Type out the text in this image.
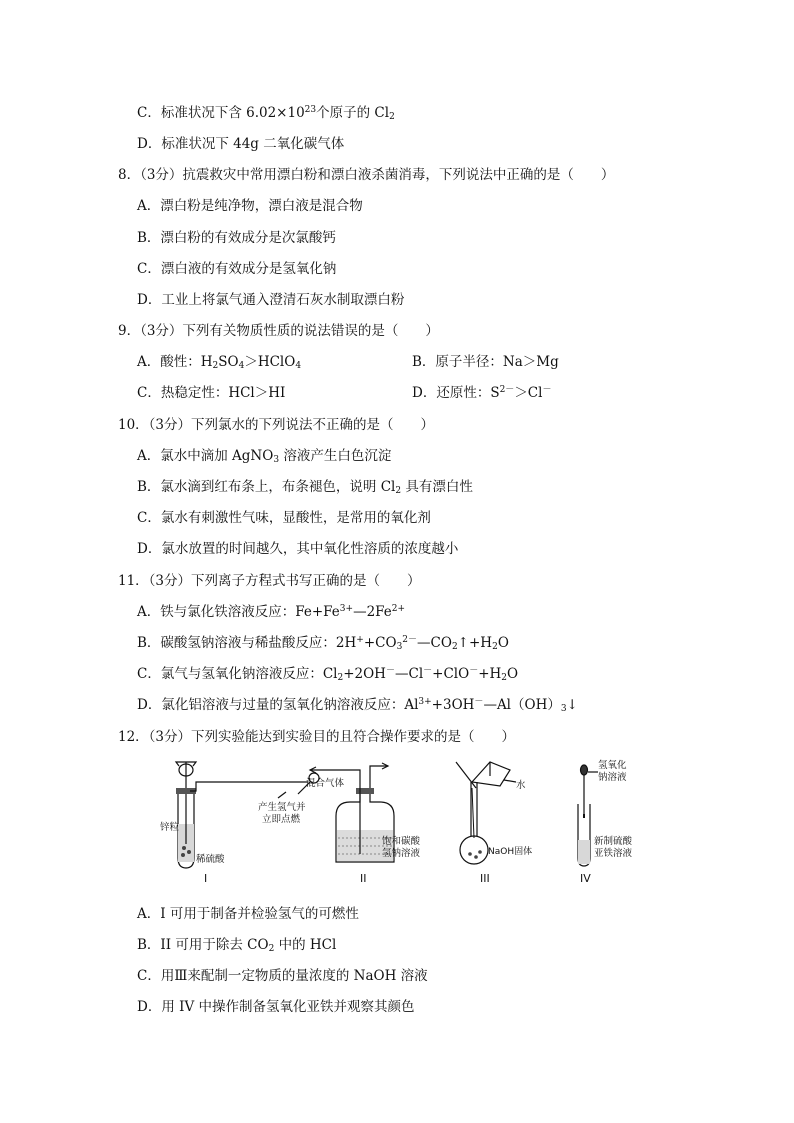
C．标准状况下含 $6.02\times 10^{23}$个原子的 $Cl_2$
D．标准状况下 44g 二氧化碳气体
8．（3分）抗震救灾中常用漂白粉和漂白液杀菌消毒，下列说法中正确的是（　　）
A．漂白粉是纯净物，漂白液是混合物
B．漂白粉的有效成分是次氯酸钙
C．漂白液的有效成分是氢氧化钠
D．工业上将氯气通入澄清石灰水制取漂白粉
9．（3分）下列有关物质性质的说法错误的是（　　）
A．酸性：$H_2SO_4>HClO_4$	B．原子半径：Na＞Mg
C．热稳定性：HCl＞HI	D．还原性：$S^{2-}>Cl^-$
10．（3分）下列氯水的下列说法不正确的是（　　）
A．氯水中滴加 AgNO$_3$ 溶液产生白色沉淀
B．氯水滴到红布条上，布条褪色，说明 $Cl_2$ 具有漂白性
C．氯水有刺激性气味，显酸性，是常用的氧化剂
D．氯水放置的时间越久，其中氧化性溶质的浓度越小
11．（3分）下列离子方程式书写正确的是（　　）
A．铁与氯化铁溶液反应：$Fe+Fe^{3+}—2Fe^{2+}$
B．碳酸氢钠溶液与稀盐酸反应：$2H^++CO_3^{2-}—CO_2↑+H_2O$
C．氯气与氢氧化钠溶液反应：$Cl_2+2OH^-—Cl^-+ClO^-+H_2O$
D．氯化铝溶液与过量的氢氧化钠溶液反应：$Al^{3+}+3OH^-—Al(OH)_3↓$
12．（3分）下列实验能达到实验目的且符合操作要求的是（　　）
锌粒
稀硫酸
产生氢气并
立即点燃
I
混合气体
饱和碳酸
氢钠溶液
II
水
NaOH固体
III
氢氧化
钠溶液
新制硫酸
亚铁溶液
IV
A．I 可用于制备并检验氢气的可燃性
B．II 可用于除去 $CO_2$ 中的 HCl
C．用Ⅲ来配制一定物质的量浓度的 NaOH 溶液
D．用 IV 中操作制备氢氧化亚铁并观察其颜色
